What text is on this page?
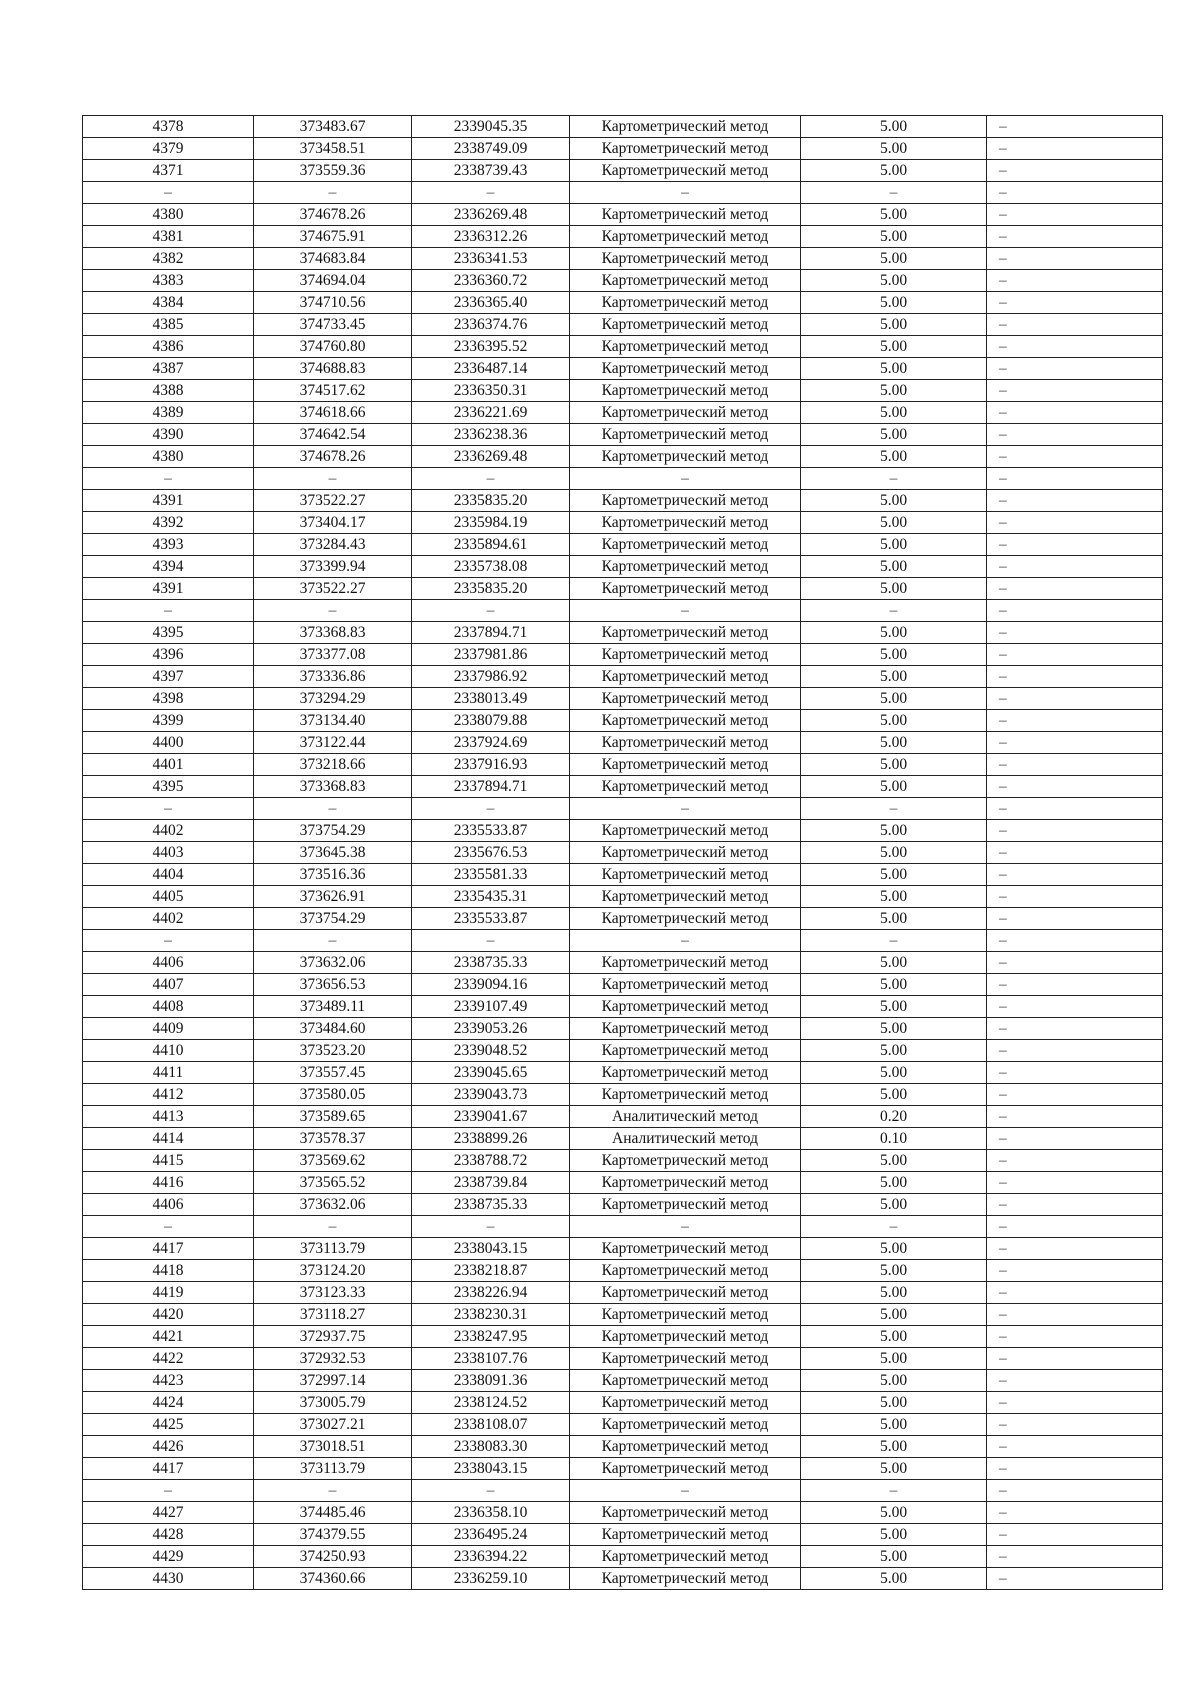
4378	373483.67	2339045.35	Картометрический метод	5.00	–
4379	373458.51	2338749.09	Картометрический метод	5.00	–
4371	373559.36	2338739.43	Картометрический метод	5.00	–
–	–	–	–	–	–
4380	374678.26	2336269.48	Картометрический метод	5.00	–
4381	374675.91	2336312.26	Картометрический метод	5.00	–
4382	374683.84	2336341.53	Картометрический метод	5.00	–
4383	374694.04	2336360.72	Картометрический метод	5.00	–
4384	374710.56	2336365.40	Картометрический метод	5.00	–
4385	374733.45	2336374.76	Картометрический метод	5.00	–
4386	374760.80	2336395.52	Картометрический метод	5.00	–
4387	374688.83	2336487.14	Картометрический метод	5.00	–
4388	374517.62	2336350.31	Картометрический метод	5.00	–
4389	374618.66	2336221.69	Картометрический метод	5.00	–
4390	374642.54	2336238.36	Картометрический метод	5.00	–
4380	374678.26	2336269.48	Картометрический метод	5.00	–
–	–	–	–	–	–
4391	373522.27	2335835.20	Картометрический метод	5.00	–
4392	373404.17	2335984.19	Картометрический метод	5.00	–
4393	373284.43	2335894.61	Картометрический метод	5.00	–
4394	373399.94	2335738.08	Картометрический метод	5.00	–
4391	373522.27	2335835.20	Картометрический метод	5.00	–
–	–	–	–	–	–
4395	373368.83	2337894.71	Картометрический метод	5.00	–
4396	373377.08	2337981.86	Картометрический метод	5.00	–
4397	373336.86	2337986.92	Картометрический метод	5.00	–
4398	373294.29	2338013.49	Картометрический метод	5.00	–
4399	373134.40	2338079.88	Картометрический метод	5.00	–
4400	373122.44	2337924.69	Картометрический метод	5.00	–
4401	373218.66	2337916.93	Картометрический метод	5.00	–
4395	373368.83	2337894.71	Картометрический метод	5.00	–
–	–	–	–	–	–
4402	373754.29	2335533.87	Картометрический метод	5.00	–
4403	373645.38	2335676.53	Картометрический метод	5.00	–
4404	373516.36	2335581.33	Картометрический метод	5.00	–
4405	373626.91	2335435.31	Картометрический метод	5.00	–
4402	373754.29	2335533.87	Картометрический метод	5.00	–
–	–	–	–	–	–
4406	373632.06	2338735.33	Картометрический метод	5.00	–
4407	373656.53	2339094.16	Картометрический метод	5.00	–
4408	373489.11	2339107.49	Картометрический метод	5.00	–
4409	373484.60	2339053.26	Картометрический метод	5.00	–
4410	373523.20	2339048.52	Картометрический метод	5.00	–
4411	373557.45	2339045.65	Картометрический метод	5.00	–
4412	373580.05	2339043.73	Картометрический метод	5.00	–
4413	373589.65	2339041.67	Аналитический метод	0.20	–
4414	373578.37	2338899.26	Аналитический метод	0.10	–
4415	373569.62	2338788.72	Картометрический метод	5.00	–
4416	373565.52	2338739.84	Картометрический метод	5.00	–
4406	373632.06	2338735.33	Картометрический метод	5.00	–
–	–	–	–	–	–
4417	373113.79	2338043.15	Картометрический метод	5.00	–
4418	373124.20	2338218.87	Картометрический метод	5.00	–
4419	373123.33	2338226.94	Картометрический метод	5.00	–
4420	373118.27	2338230.31	Картометрический метод	5.00	–
4421	372937.75	2338247.95	Картометрический метод	5.00	–
4422	372932.53	2338107.76	Картометрический метод	5.00	–
4423	372997.14	2338091.36	Картометрический метод	5.00	–
4424	373005.79	2338124.52	Картометрический метод	5.00	–
4425	373027.21	2338108.07	Картометрический метод	5.00	–
4426	373018.51	2338083.30	Картометрический метод	5.00	–
4417	373113.79	2338043.15	Картометрический метод	5.00	–
–	–	–	–	–	–
4427	374485.46	2336358.10	Картометрический метод	5.00	–
4428	374379.55	2336495.24	Картометрический метод	5.00	–
4429	374250.93	2336394.22	Картометрический метод	5.00	–
4430	374360.66	2336259.10	Картометрический метод	5.00	–
